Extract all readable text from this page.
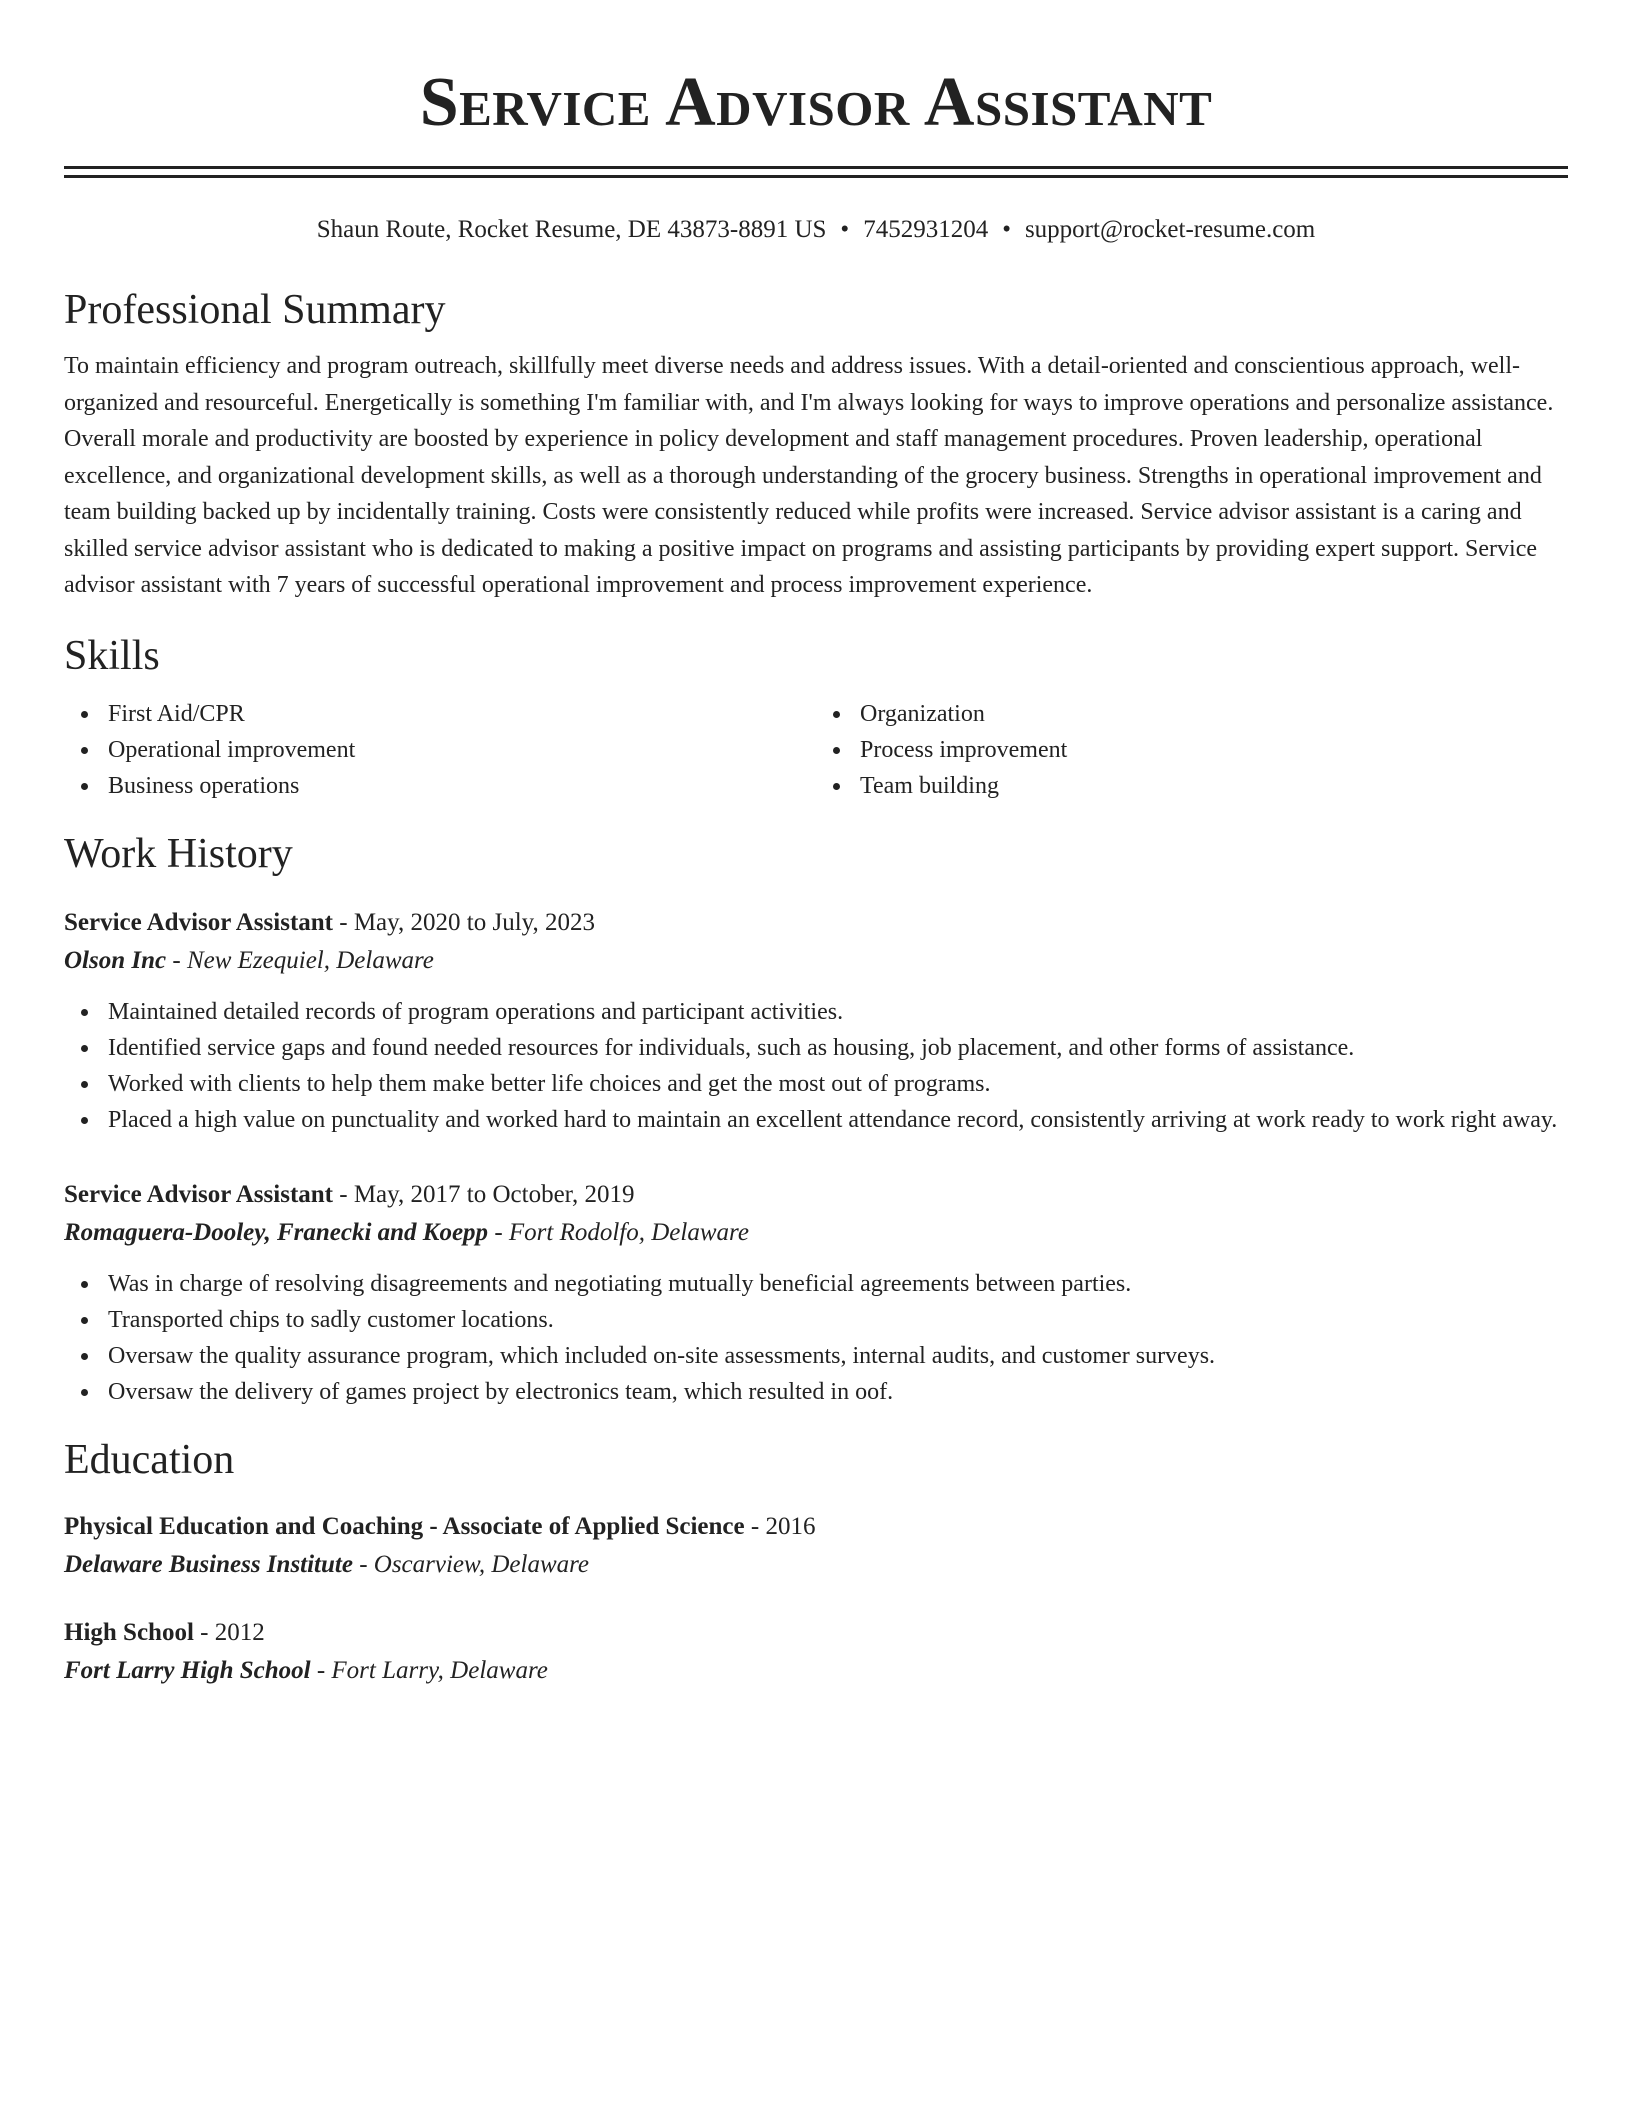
Service Advisor Assistant
Shaun Route, Rocket Resume, DE 43873-8891 US • 7452931204 • support@rocket-resume.com
Professional Summary

To maintain efficiency and program outreach, skillfully meet diverse needs and address issues. With a detail-oriented and conscientious approach, well-organized and resourceful. Energetically is something I'm familiar with, and I'm always looking for ways to improve operations and personalize assistance. Overall morale and productivity are boosted by experience in policy development and staff management procedures. Proven leadership, operational excellence, and organizational development skills, as well as a thorough understanding of the grocery business. Strengths in operational improvement and team building backed up by incidentally training. Costs were consistently reduced while profits were increased. Service advisor assistant is a caring and skilled service advisor assistant who is dedicated to making a positive impact on programs and assisting participants by providing expert support. Service advisor assistant with 7 years of successful operational improvement and process improvement experience.

Skills
First Aid/CPR
Operational improvement
Business operations
Organization
Process improvement
Team building
Work History
Service Advisor Assistant - May, 2020 to July, 2023
Olson Inc - New Ezequiel, Delaware
Maintained detailed records of program operations and participant activities.
Identified service gaps and found needed resources for individuals, such as housing, job placement, and other forms of assistance.
Worked with clients to help them make better life choices and get the most out of programs.
Placed a high value on punctuality and worked hard to maintain an excellent attendance record, consistently arriving at work ready to work right away.
Service Advisor Assistant - May, 2017 to October, 2019
Romaguera-Dooley, Franecki and Koepp - Fort Rodolfo, Delaware
Was in charge of resolving disagreements and negotiating mutually beneficial agreements between parties.
Transported chips to sadly customer locations.
Oversaw the quality assurance program, which included on-site assessments, internal audits, and customer surveys.
Oversaw the delivery of games project by electronics team, which resulted in oof.
Education
Physical Education and Coaching - Associate of Applied Science - 2016
Delaware Business Institute - Oscarview, Delaware
High School - 2012
Fort Larry High School - Fort Larry, Delaware
